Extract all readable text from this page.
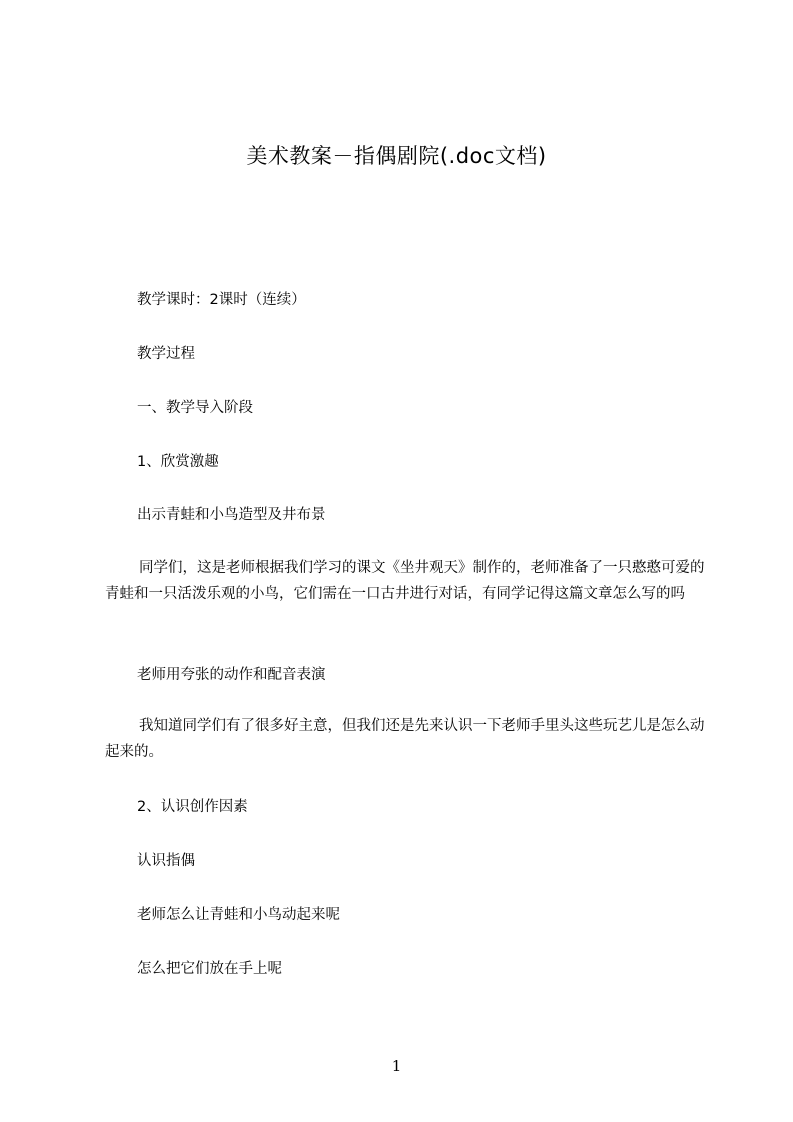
美术教案－指偶剧院(.doc文档)
教学课时：2课时（连续）
教学过程
一、教学导入阶段
1、欣赏激趣
出示青蛙和小鸟造型及井布景
同学们，这是老师根据我们学习的课文《坐井观天》制作的，老师准备了一只憨憨可爱的青蛙和一只活泼乐观的小鸟，它们需在一口古井进行对话，有同学记得这篇文章怎么写的吗
老师用夸张的动作和配音表演
我知道同学们有了很多好主意，但我们还是先来认识一下老师手里头这些玩艺儿是怎么动起来的。
2、认识创作因素
认识指偶
老师怎么让青蛙和小鸟动起来呢
怎么把它们放在手上呢
1
